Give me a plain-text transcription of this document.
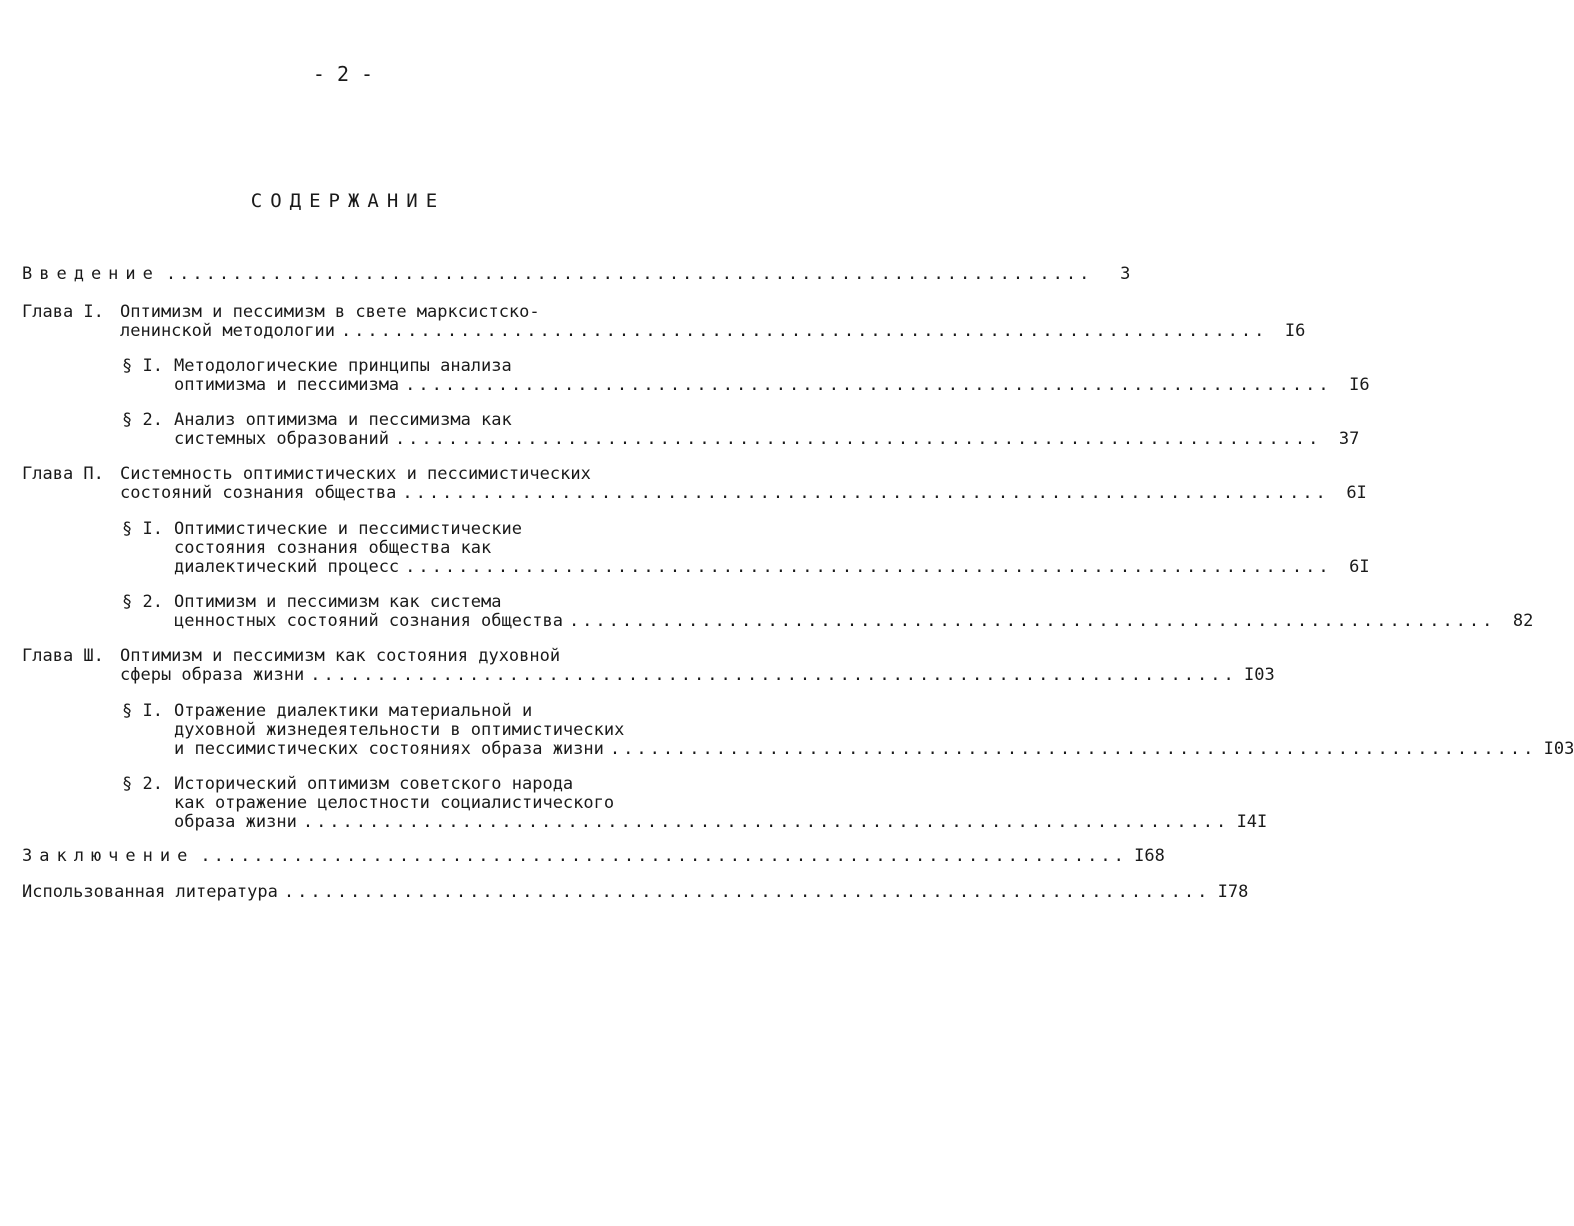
- 2 -
СОДЕРЖАНИЕ
Введение ......................................................................	3
Глава I. Оптимизм и пессимизм в свете марксистско-
ленинской методологии ......................................................................	I6
§ I. Методологические принципы анализа
оптимизма и пессимизма ......................................................................	I6
§ 2. Анализ оптимизма и пессимизма как
системных образований ......................................................................	37
Глава П. Системность оптимистических и пессимистических
состояний сознания общества ......................................................................	6I
§ I. Оптимистические и пессимистические
состояния сознания общества как
диалектический процесс ......................................................................	6I
§ 2. Оптимизм и пессимизм как система
ценностных состояний сознания общества ......................................................................	82
Глава Ш. Оптимизм и пессимизм как состояния духовной
сферы образа жизни ...................................................................... I03
§ I. Отражение диалектики материальной и
духовной жизнедеятельности в оптимистических
и пессимистических состояниях образа жизни ...................................................................... I03
§ 2. Исторический оптимизм советского народа
как отражение целостности социалистического
образа жизни ...................................................................... I4I
Заключение ...................................................................... I68
Использованная литература ...................................................................... I78
